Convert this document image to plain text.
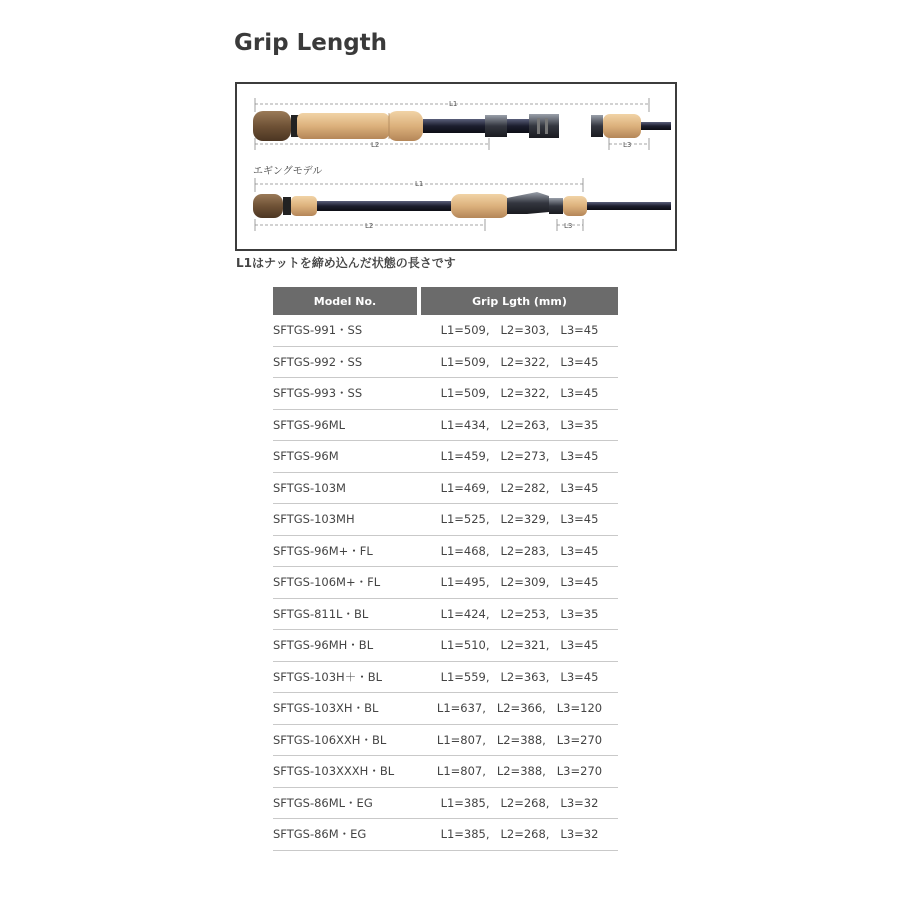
Grip Length
L1
L2	L3
エギングモデル
L1
L2	L3
L1はナットを締め込んだ状態の長さです
Model No.	Grip Lgth (mm)
SFTGS-991・SS	L1=509,   L2=303,   L3=45
SFTGS-992・SS	L1=509,   L2=322,   L3=45
SFTGS-993・SS	L1=509,   L2=322,   L3=45
SFTGS-96ML	L1=434,   L2=263,   L3=35
SFTGS-96M	L1=459,   L2=273,   L3=45
SFTGS-103M	L1=469,   L2=282,   L3=45
SFTGS-103MH	L1=525,   L2=329,   L3=45
SFTGS-96M+・FL	L1=468,   L2=283,   L3=45
SFTGS-106M+・FL	L1=495,   L2=309,   L3=45
SFTGS-811L・BL	L1=424,   L2=253,   L3=35
SFTGS-96MH・BL	L1=510,   L2=321,   L3=45
SFTGS-103H＋・BL	L1=559,   L2=363,   L3=45
SFTGS-103XH・BL	L1=637,   L2=366,   L3=120
SFTGS-106XXH・BL	L1=807,   L2=388,   L3=270
SFTGS-103XXXH・BL	L1=807,   L2=388,   L3=270
SFTGS-86ML・EG	L1=385,   L2=268,   L3=32
SFTGS-86M・EG	L1=385,   L2=268,   L3=32
